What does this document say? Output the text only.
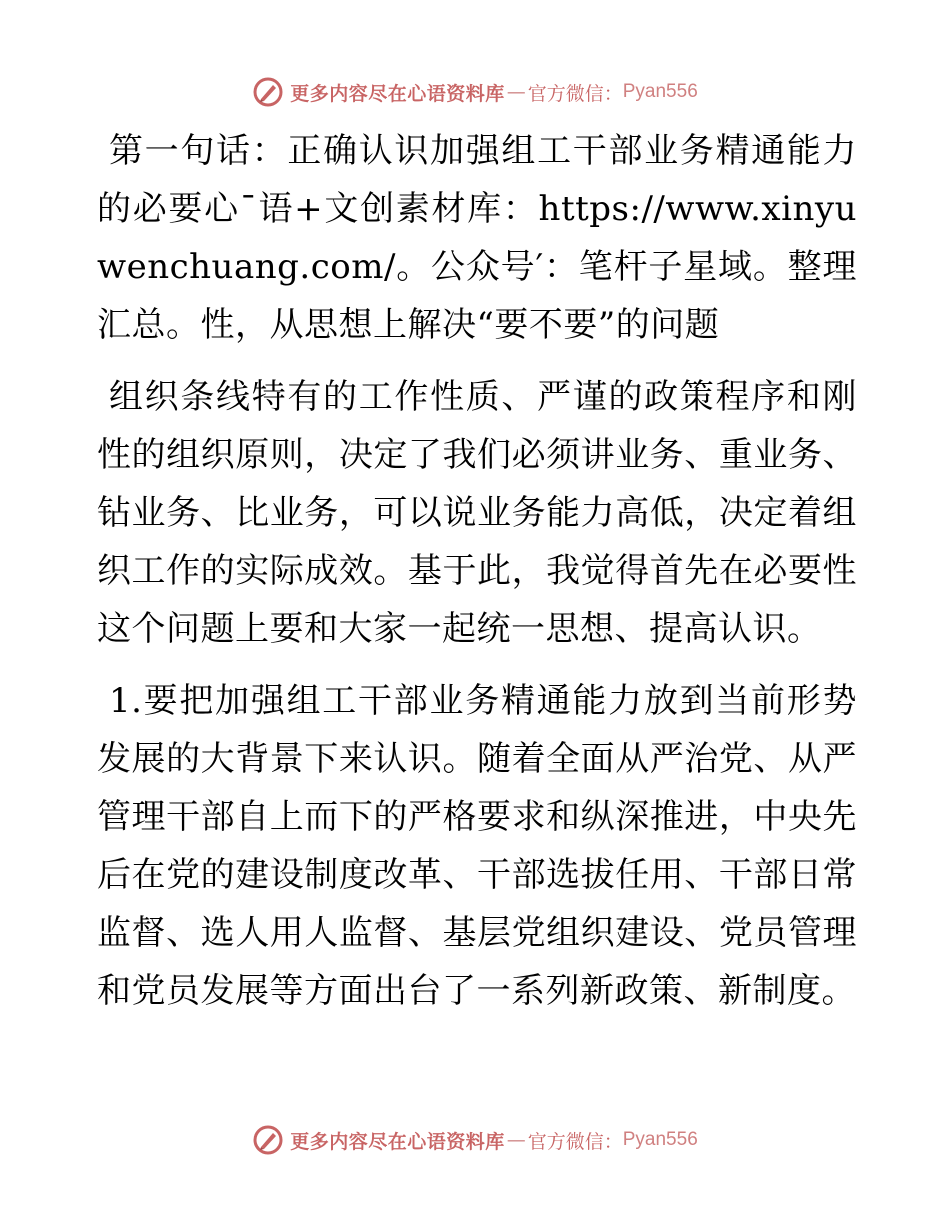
更多内容尽在心语资料库 — 官方微信： Pyan556

第一句话：正确认识加强组工干部业务精通能力的必要心¯语+文创素材库：https://www.xinyuwenchuang.com/。公众号′：笔杆子星域。整理汇总。性，从思想上解决“要不要”的问题

组织条线特有的工作性质、严谨的政策程序和刚性的组织原则，决定了我们必须讲业务、重业务、钻业务、比业务，可以说业务能力高低，决定着组织工作的实际成效。基于此，我觉得首先在必要性这个问题上要和大家一起统一思想、提高认识。

1.要把加强组工干部业务精通能力放到当前形势发展的大背景下来认识。随着全面从严治党、从严管理干部自上而下的严格要求和纵深推进，中央先后在党的建设制度改革、干部选拔任用、干部日常监督、选人用人监督、基层党组织建设、党员管理和党员发展等方面出台了一系列新政策、新制度。

更多内容尽在心语资料库 — 官方微信： Pyan556
